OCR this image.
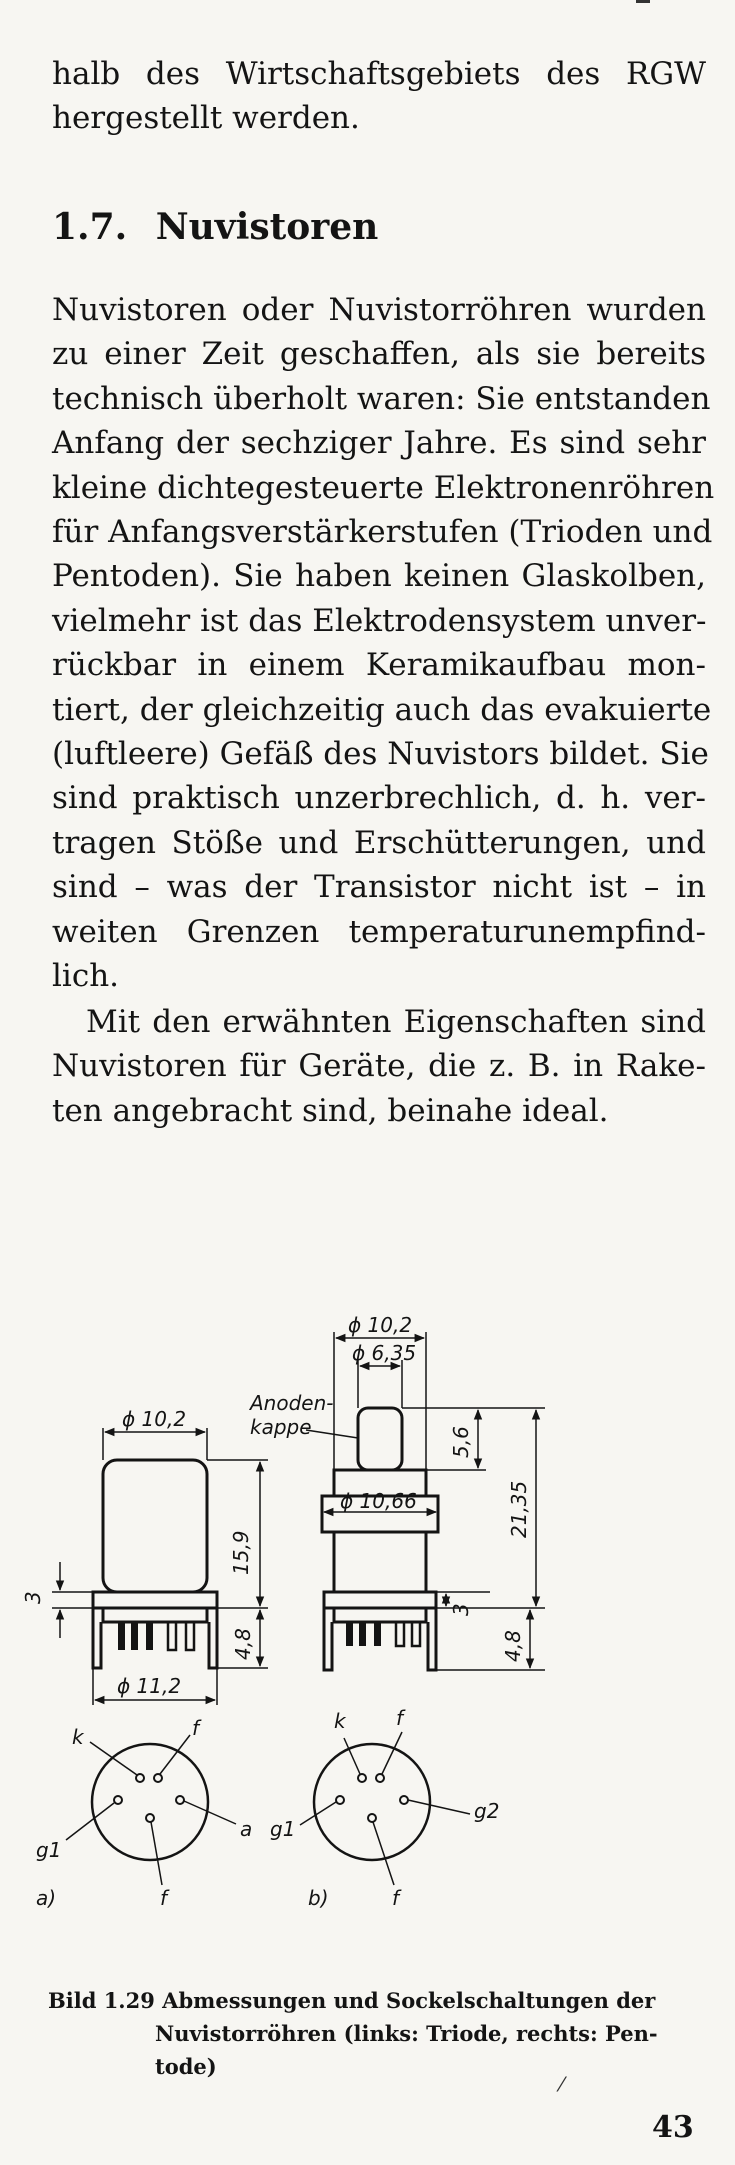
halb des Wirtschaftsgebiets des RGW
hergestellt werden.
1.7. Nuvistoren
Nuvistoren oder Nuvistorröhren wurden
zu einer Zeit geschaffen, als sie bereits
technisch überholt waren: Sie entstanden
Anfang der sechziger Jahre. Es sind sehr
kleine dichtegesteuerte Elektronenröhren
für Anfangsverstärkerstufen (Trioden und
Pentoden). Sie haben keinen Glaskolben,
vielmehr ist das Elektrodensystem unver-
rückbar in einem Keramikaufbau mon-
tiert, der gleichzeitig auch das evakuierte
(luftleere) Gefäß des Nuvistors bildet. Sie
sind praktisch unzerbrechlich, d. h. ver-
tragen Stöße und Erschütterungen, und
sind – was der Transistor nicht ist – in
weiten Grenzen temperaturunempfind-
lich.
Mit den erwähnten Eigenschaften sind
Nuvistoren für Geräte, die z. B. in Rake-
ten angebracht sind, beinahe ideal.
ϕ 10,2
15,9
4,8
3
ϕ 11,2
k	f
g1
a
f
a)
ϕ 10,2
ϕ 6,35
Anoden-
kappe	5,6
21,35
ϕ 10,66
3
4,8
k	f
g1
g2
f
b)
Bild 1.29 Abmessungen und Sockelschaltungen der
Nuvistorröhren (links: Triode, rechts: Pen-
tode)
⁄
43
